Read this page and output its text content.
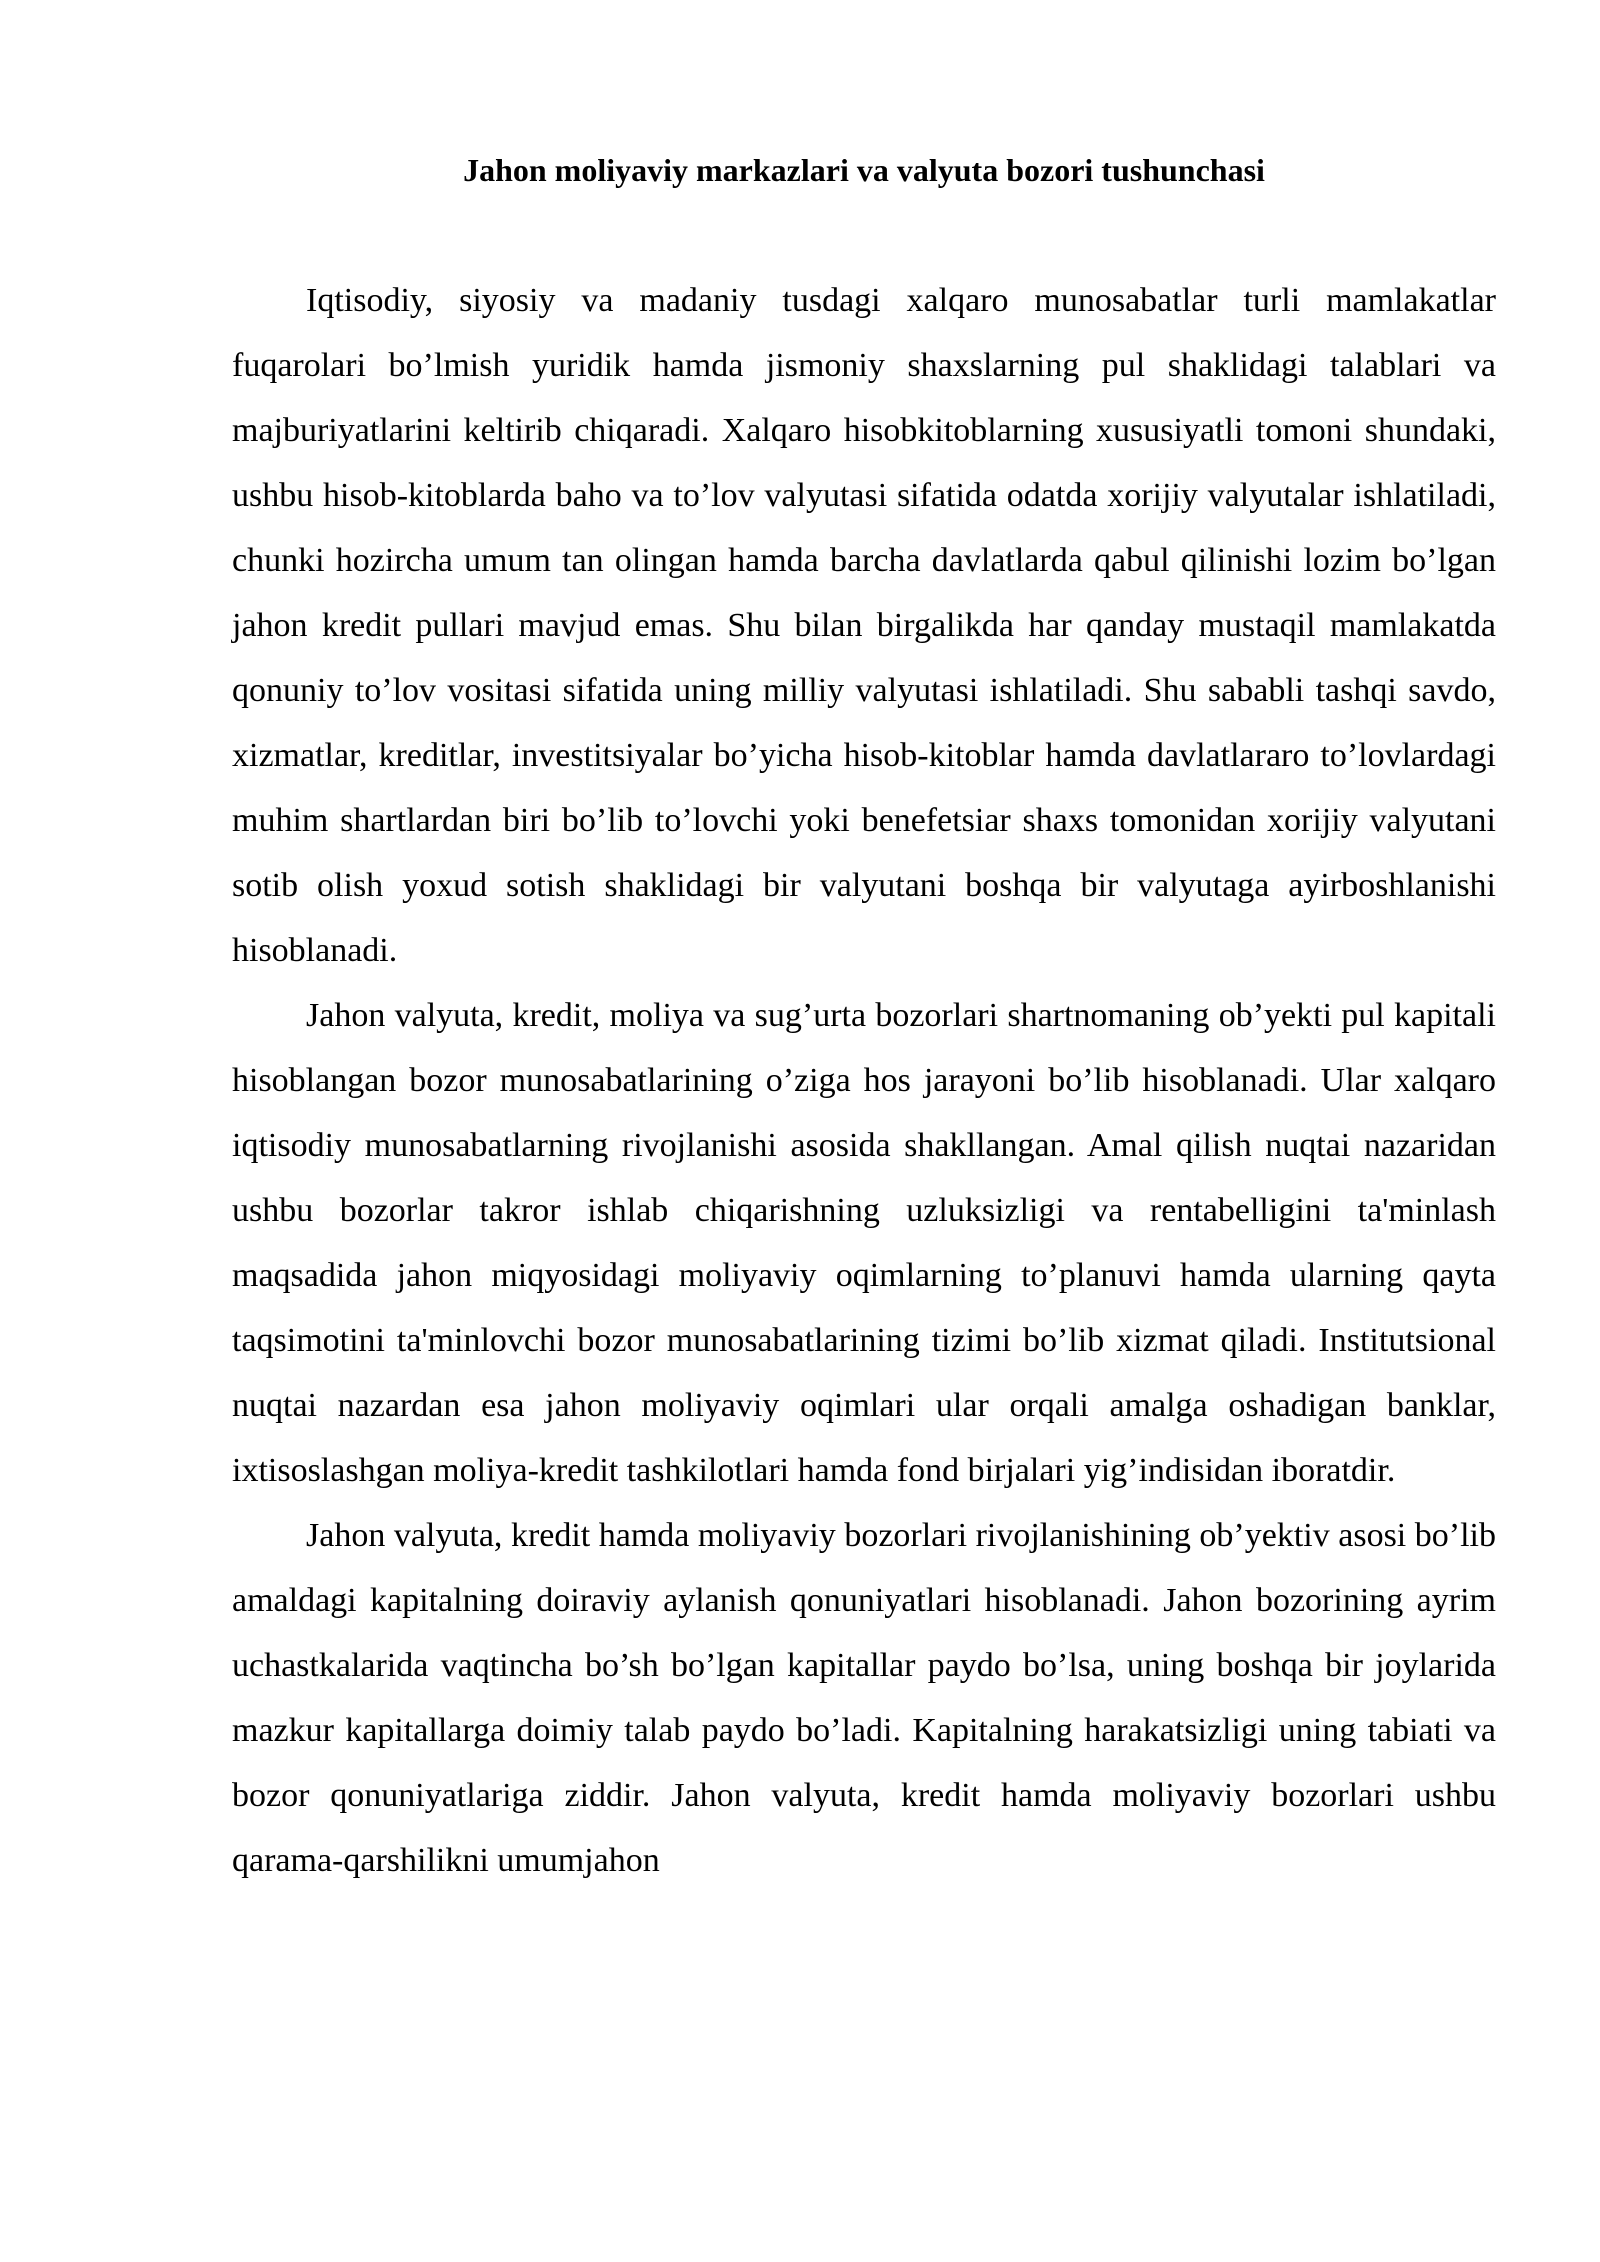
Jahon moliyaviy markazlari va valyuta bozori tushunchasi

Iqtisodiy, siyosiy va madaniy tusdagi xalqaro munosabatlar turli mamlakatlar fuqarolari bo’lmish yuridik hamda jismoniy shaxslarning pul shaklidagi talablari va majburiyatlarini keltirib chiqaradi. Xalqaro hisobkitoblarning xususiyatli tomoni shundaki, ushbu hisob-kitoblarda baho va to’lov valyutasi sifatida odatda xorijiy valyutalar ishlatiladi, chunki hozircha umum tan olingan hamda barcha davlatlarda qabul qilinishi lozim bo’lgan jahon kredit pullari mavjud emas. Shu bilan birgalikda har qanday mustaqil mamlakatda qonuniy to’lov vositasi sifatida uning milliy valyutasi ishlatiladi. Shu sababli tashqi savdo, xizmatlar, kreditlar, investitsiyalar bo’yicha hisob-kitoblar hamda davlatlararo to’lovlardagi muhim shartlardan biri bo’lib to’lovchi yoki benefetsiar shaxs tomonidan xorijiy valyutani sotib olish yoxud sotish shaklidagi bir valyutani boshqa bir valyutaga ayirboshlanishi hisoblanadi.

Jahon valyuta, kredit, moliya va sug’urta bozorlari shartnomaning ob’yekti pul kapitali hisoblangan bozor munosabatlarining o’ziga hos jarayoni bo’lib hisoblanadi. Ular xalqaro iqtisodiy munosabatlarning rivojlanishi asosida shakllangan. Amal qilish nuqtai nazaridan ushbu bozorlar takror ishlab chiqarishning uzluksizligi va rentabelligini ta'minlash maqsadida jahon miqyosidagi moliyaviy oqimlarning to’planuvi hamda ularning qayta taqsimotini ta'minlovchi bozor munosabatlarining tizimi bo’lib xizmat qiladi. Institutsional nuqtai nazardan esa jahon moliyaviy oqimlari ular orqali amalga oshadigan banklar, ixtisoslashgan moliya-kredit tashkilotlari hamda fond birjalari yig’indisidan iboratdir.

Jahon valyuta, kredit hamda moliyaviy bozorlari rivojlanishining ob’yektiv asosi bo’lib amaldagi kapitalning doiraviy aylanish qonuniyatlari hisoblanadi. Jahon bozorining ayrim uchastkalarida vaqtincha bo’sh bo’lgan kapitallar paydo bo’lsa, uning boshqa bir joylarida mazkur kapitallarga doimiy talab paydo bo’ladi. Kapitalning harakatsizligi uning tabiati va bozor qonuniyatlariga ziddir. Jahon valyuta, kredit hamda moliyaviy bozorlari ushbu qarama-qarshilikni umumjahon
